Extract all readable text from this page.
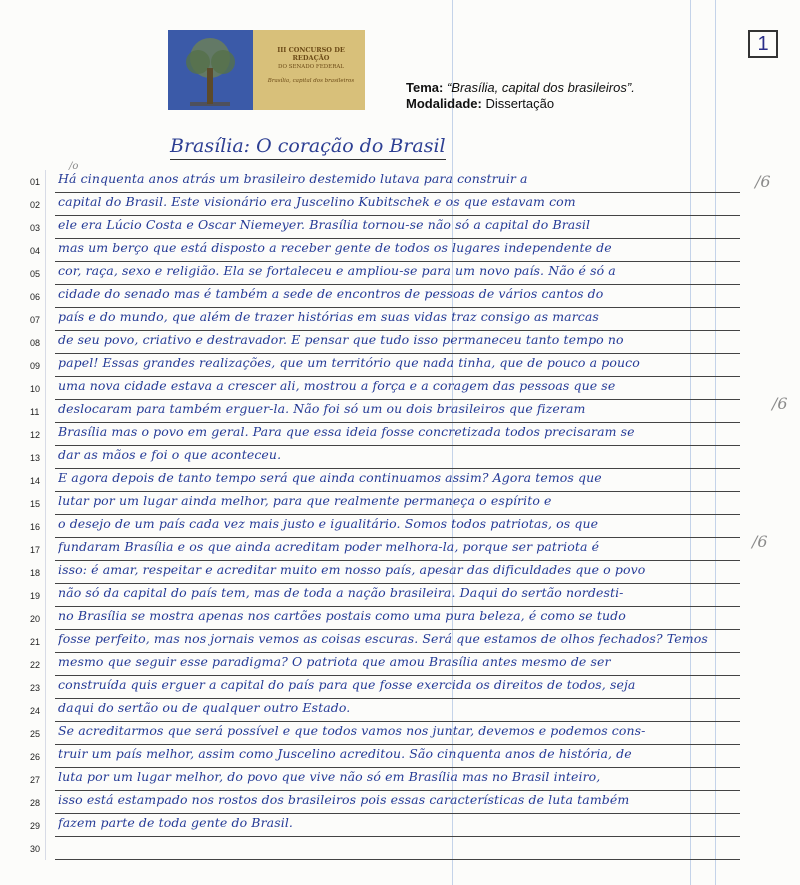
III CONCURSO DE REDAÇÃO
DO SENADO FEDERAL
Brasília, capital dos brasileiros	Tema: “Brasília, capital dos brasileiros”.
Modalidade: Dissertação
1
Brasília: O coração do Brasil
/o
01	Há cinquenta anos atrás um brasileiro destemido lutava para construir a
02	capital do Brasil. Este visionário era Juscelino Kubitschek e os que estavam com
03	ele era Lúcio Costa e Oscar Niemeyer. Brasília tornou-se não só a capital do Brasil
04	mas um berço que está disposto a receber gente de todos os lugares independente de
05	cor, raça, sexo e religião. Ela se fortaleceu e ampliou-se para um novo país. Não é só a
06	cidade do senado mas é também a sede de encontros de pessoas de vários cantos do
07	país e do mundo, que além de trazer histórias em suas vidas traz consigo as marcas
08	de seu povo, criativo e destravador. E pensar que tudo isso permaneceu tanto tempo no
09	papel! Essas grandes realizações, que um território que nada tinha, que de pouco a pouco
10	uma nova cidade estava a crescer ali, mostrou a força e a coragem das pessoas que se
11	deslocaram para também erguer-la. Não foi só um ou dois brasileiros que fizeram
12	Brasília mas o povo em geral. Para que essa ideia fosse concretizada todos precisaram se
13	dar as mãos e foi o que aconteceu.
14	E agora depois de tanto tempo será que ainda continuamos assim? Agora temos que
15	lutar por um lugar ainda melhor, para que realmente permaneça o espírito e
16	o desejo de um país cada vez mais justo e igualitário. Somos todos patriotas, os que
17	fundaram Brasília e os que ainda acreditam poder melhora-la, porque ser patriota é
18	isso: é amar, respeitar e acreditar muito em nosso país, apesar das dificuldades que o povo
19	não só da capital do país tem, mas de toda a nação brasileira. Daqui do sertão nordesti-
20	no Brasília se mostra apenas nos cartões postais como uma pura beleza, é como se tudo
21	fosse perfeito, mas nos jornais vemos as coisas escuras. Será que estamos de olhos fechados? Temos
22	mesmo que seguir esse paradigma? O patriota que amou Brasília antes mesmo de ser
23	construída quis erguer a capital do país para que fosse exercida os direitos de todos, seja
24	daqui do sertão ou de qualquer outro Estado.
25	Se acreditarmos que será possível e que todos vamos nos juntar, devemos e podemos cons-
26	truir um país melhor, assim como Juscelino acreditou. São cinquenta anos de história, de
27	luta por um lugar melhor, do povo que vive não só em Brasília mas no Brasil inteiro,
28	isso está estampado nos rostos dos brasileiros pois essas características de luta também
29	fazem parte de toda gente do Brasil.
30
/6
/6
/6
